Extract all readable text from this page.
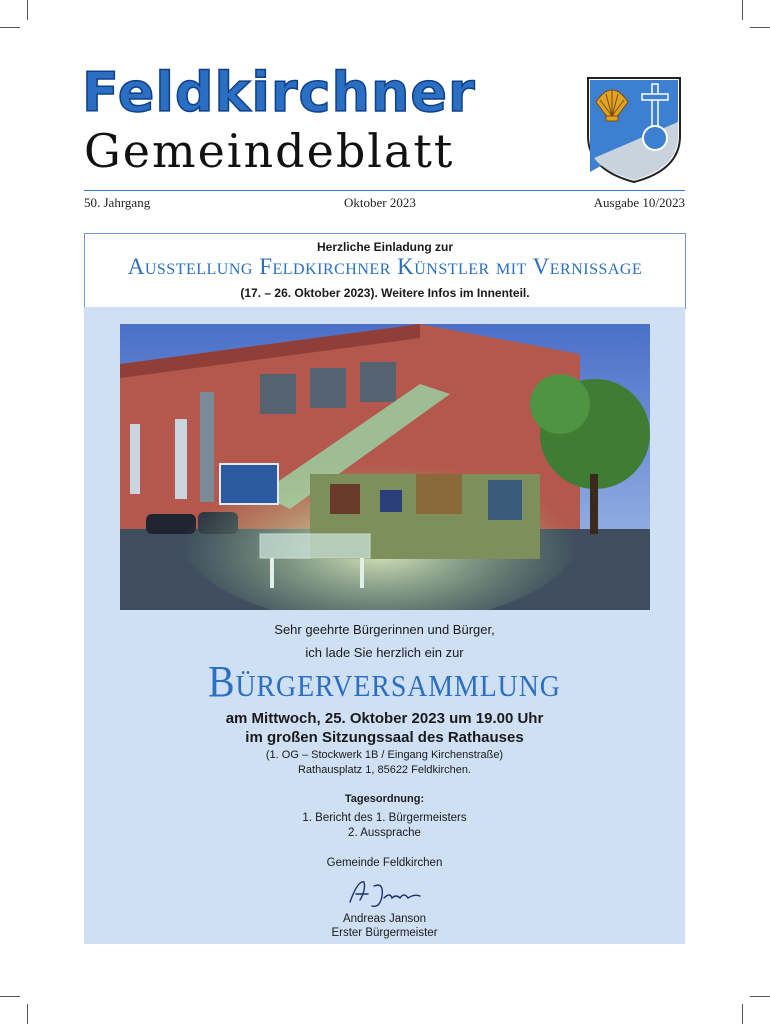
Feldkirchner
Gemeindeblatt
50. Jahrgang	Oktober 2023	Ausgabe 10/2023
Herzliche Einladung zur
Ausstellung Feldkirchner Künstler mit Vernissage
(17. – 26. Oktober 2023). Weitere Infos im Innenteil.
Sehr geehrte Bürgerinnen und Bürger,
ich lade Sie herzlich ein zur
Bürgerversammlung
am Mittwoch, 25. Oktober 2023 um 19.00 Uhr
im großen Sitzungssaal des Rathauses
(1. OG – Stockwerk 1B / Eingang Kirchenstraße)
Rathausplatz 1, 85622 Feldkirchen.
Tagesordnung:
1. Bericht des 1. Bürgermeisters
2. Aussprache
Gemeinde Feldkirchen
Andreas Janson
Erster Bürgermeister
